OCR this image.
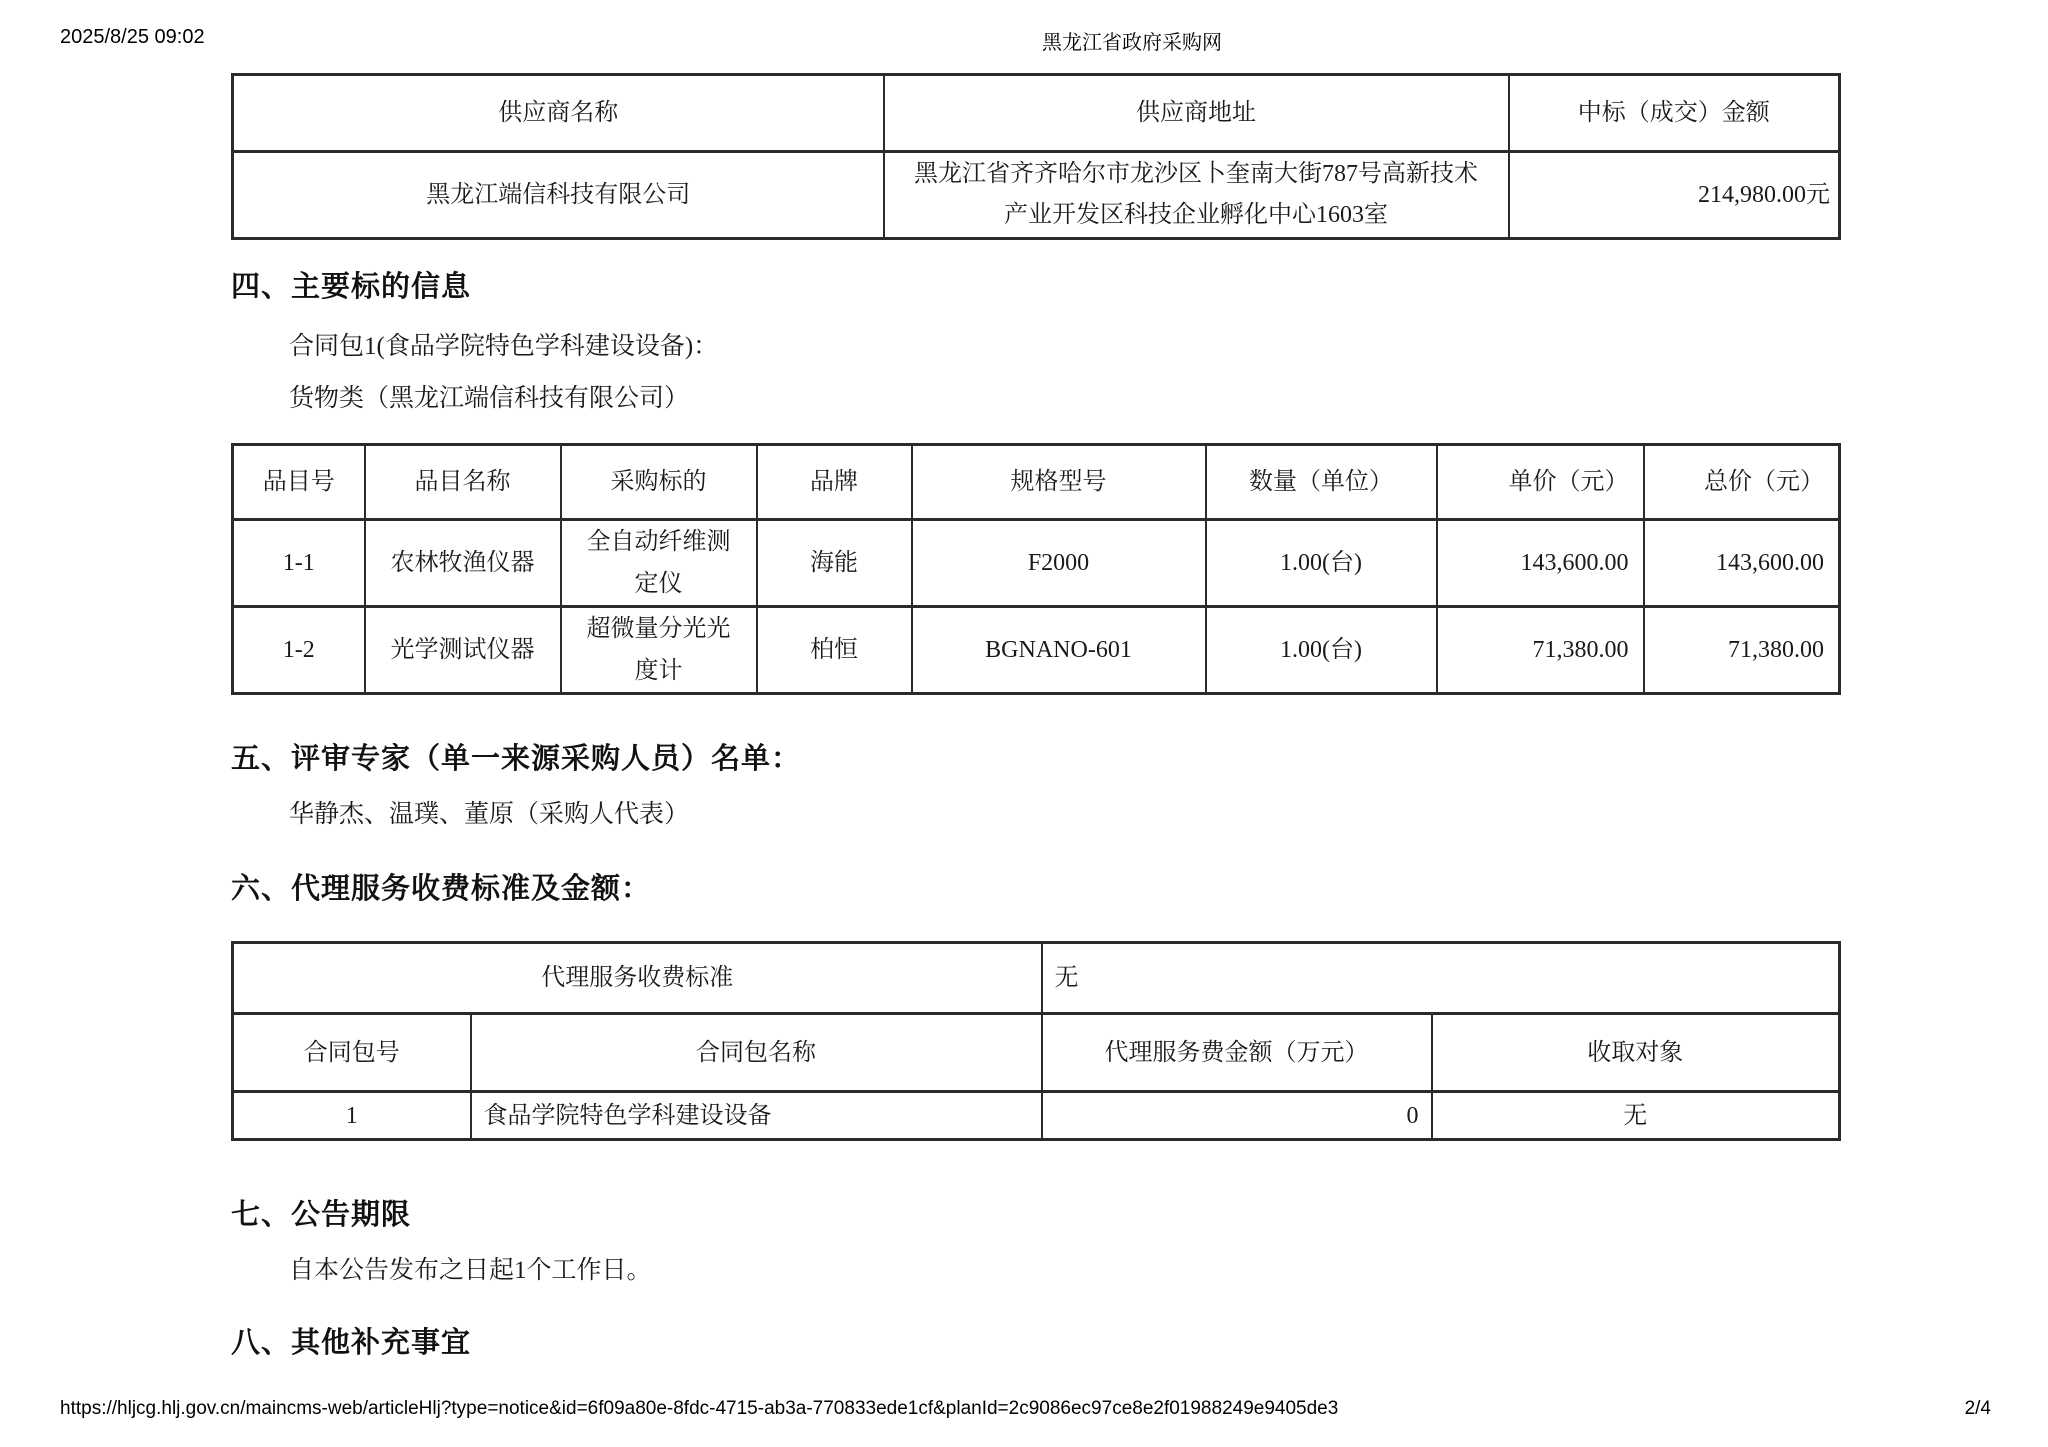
2025/8/25 09:02	黑龙江省政府采购网
供应商名称	供应商地址	中标（成交）金额
黑龙江端信科技有限公司	黑龙江省齐齐哈尔市龙沙区卜奎南大街787号高新技术产业开发区科技企业孵化中心1603室	214,980.00元
四、主要标的信息
合同包1(食品学院特色学科建设设备)：
货物类（黑龙江端信科技有限公司）
品目号	品目名称	采购标的	品牌	规格型号	数量（单位）	单价（元）	总价（元）
1-1	农林牧渔仪器	全自动纤维测定仪	海能	F2000	1.00(台)	143,600.00	143,600.00
1-2	光学测试仪器	超微量分光光度计	柏恒	BGNANO-601	1.00(台)	71,380.00	71,380.00
五、评审专家（单一来源采购人员）名单：
华静杰、温璞、董原（采购人代表）
六、代理服务收费标准及金额：
代理服务收费标准		无	
合同包号	合同包名称	代理服务费金额（万元）	收取对象
1	食品学院特色学科建设设备	0	无
七、公告期限
自本公告发布之日起1个工作日。
八、其他补充事宜
https://hljcg.hlj.gov.cn/maincms-web/articleHlj?type=notice&id=6f09a80e-8fdc-4715-ab3a-770833ede1cf&planId=2c9086ec97ce8e2f01988249e9405de3	2/4
